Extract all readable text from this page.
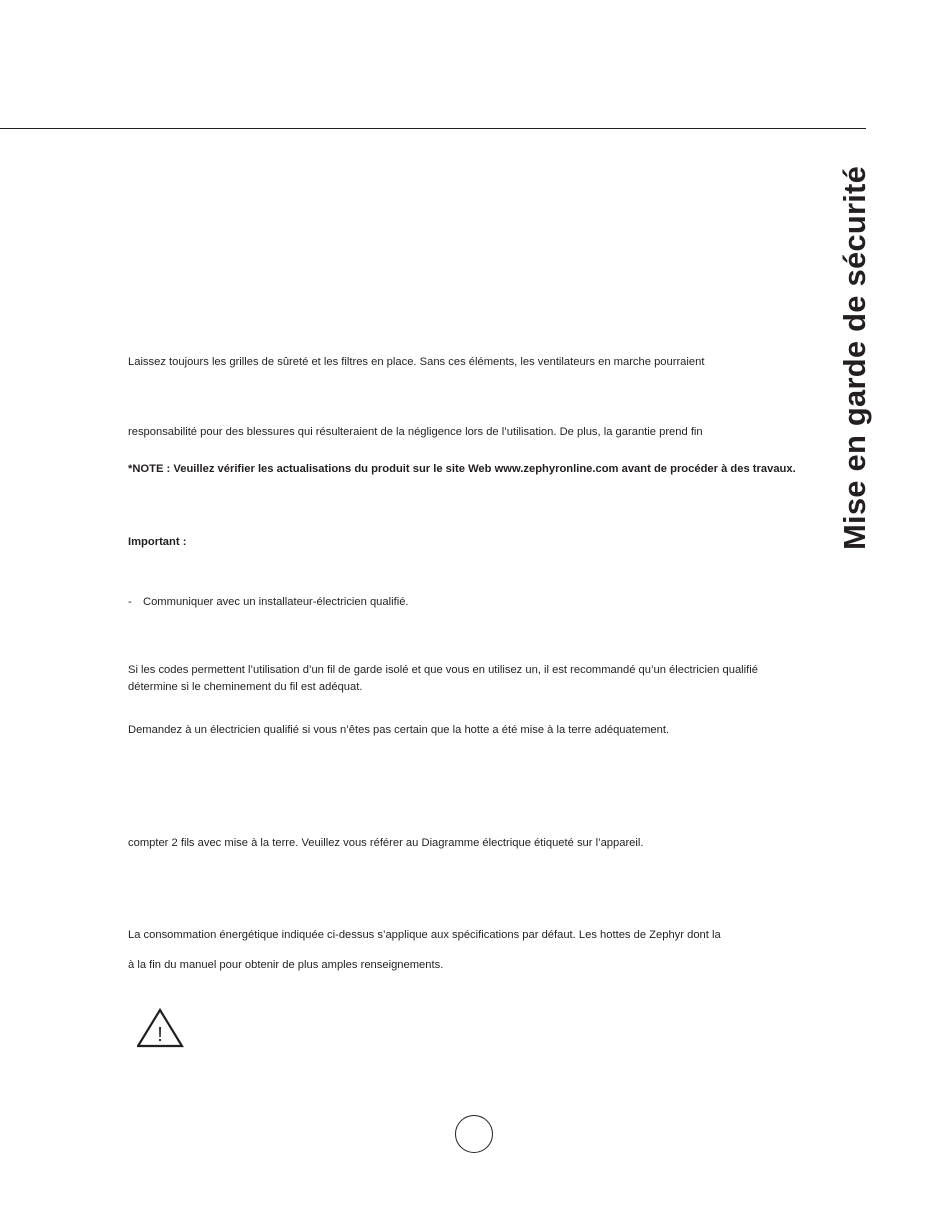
Mise en garde de sécurité

Laissez toujours les grilles de sûreté et les filtres en place. Sans ces éléments, les ventilateurs en marche pourraient

responsabilité pour des blessures qui résulteraient de la négligence lors de l’utilisation. De plus, la garantie prend fin

*NOTE : Veuillez vérifier les actualisations du produit sur le site Web www.zephyronline.com avant de procéder à des travaux.

Important :

- Communiquer avec un installateur-électricien qualifié.

Si les codes permettent l’utilisation d’un fil de garde isolé et que vous en utilisez un, il est recommandé qu’un électricien qualifié détermine si le cheminement du fil est adéquat.

Demandez à un électricien qualifié si vous n’êtes pas certain que la hotte a été mise à la terre adéquatement.

compter 2 fils avec mise à la terre. Veuillez vous référer au Diagramme électrique étiqueté sur l’appareil.

La consommation énergétique indiquée ci-dessus s’applique aux spécifications par défaut. Les hottes de Zephyr dont la

à la fin du manuel pour obtenir de plus amples renseignements.

!
